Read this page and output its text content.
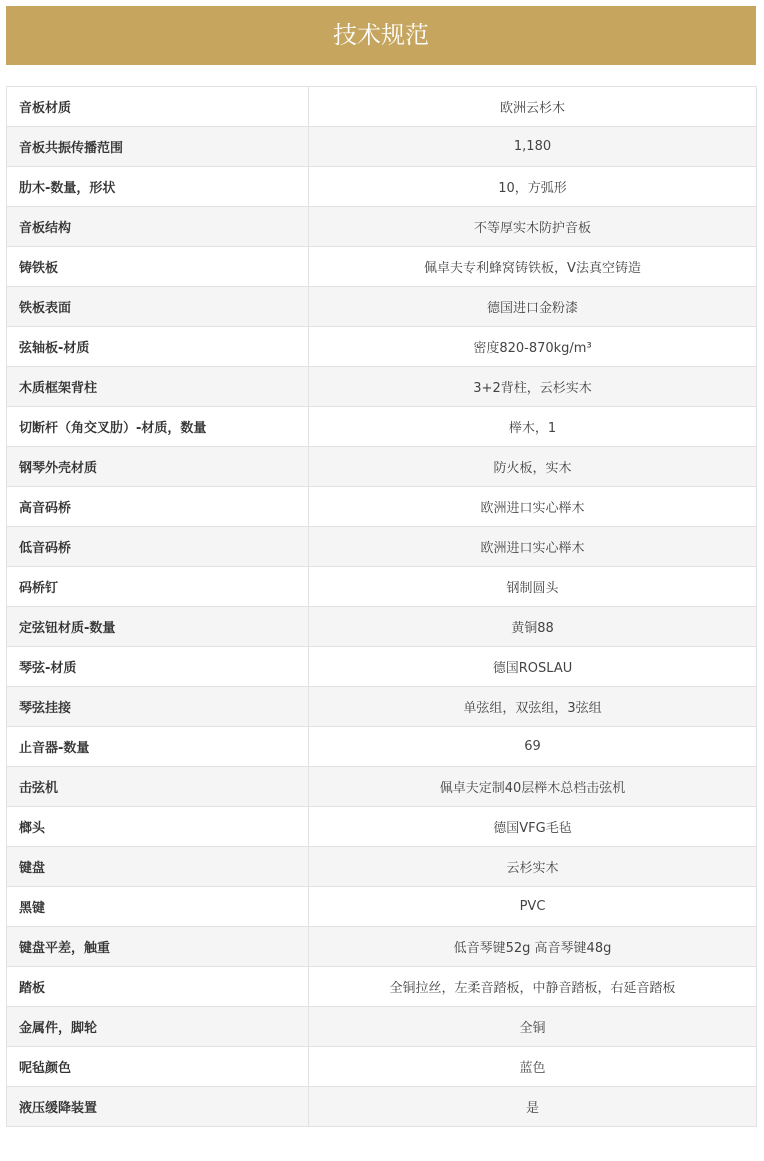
技术规范
音板材质	欧洲云杉木
音板共振传播范围	1,180
肋木-数量，形状	10，方弧形
音板结构	不等厚实木防护音板
铸铁板	佩卓夫专利蜂窝铸铁板，V法真空铸造
铁板表面	德国进口金粉漆
弦轴板-材质	密度820-870kg/m³
木质框架背柱	3+2背柱，云杉实木
切断杆（角交叉肋）-材质，数量	榉木，1
钢琴外壳材质	防火板，实木
高音码桥	欧洲进口实心榉木
低音码桥	欧洲进口实心榉木
码桥钉	钢制圆头
定弦钮材质-数量	黄铜88
琴弦-材质	德国ROSLAU
琴弦挂接	单弦组，双弦组，3弦组
止音器-数量	69
击弦机	佩卓夫定制40层榉木总档击弦机
榔头	德国VFG毛毡
键盘	云杉实木
黑键	PVC
键盘平差，触重	低音琴键52g 高音琴键48g
踏板	全铜拉丝，左柔音踏板，中静音踏板，右延音踏板
金属件，脚轮	全铜
呢毡颜色	蓝色
液压缓降装置	是
